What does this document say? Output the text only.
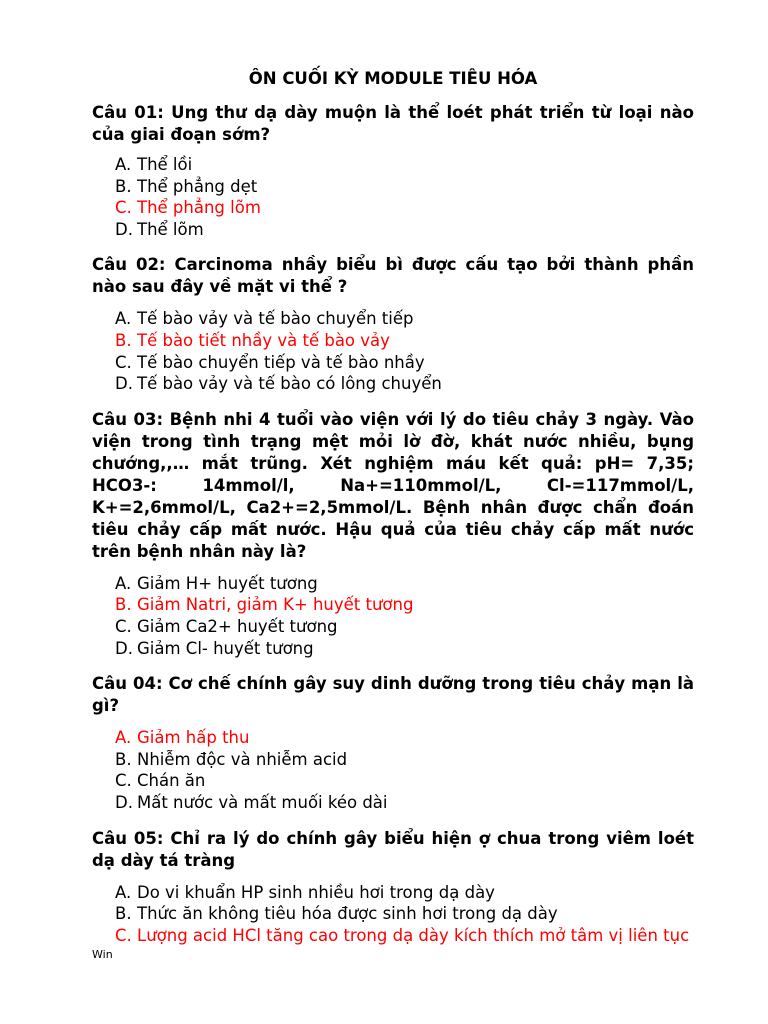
ÔN CUỐI KỲ MODULE TIÊU HÓA

Câu 01: Ung thư dạ dày muộn là thể loét phát triển từ loại nào của giai đoạn sớm?

A. Thể lồi
B. Thể phẳng dẹt
C. Thể phẳng lõm
D. Thể lõm

Câu 02: Carcinoma nhầy biểu bì được cấu tạo bởi thành phần nào sau đây về mặt vi thể ?

A. Tế bào vảy và tế bào chuyển tiếp
B. Tế bào tiết nhầy và tế bào vảy
C. Tế bào chuyển tiếp và tế bào nhầy
D. Tế bào vảy và tế bào có lông chuyển

Câu 03: Bệnh nhi 4 tuổi vào viện với lý do tiêu chảy 3 ngày. Vào viện trong tình trạng mệt mỏi lờ đờ, khát nước nhiều, bụng chướng,,… mắt trũng. Xét nghiệm máu kết quả: pH= 7,35; HCO3-: 14mmol/l, Na+=110mmol/L, Cl-=117mmol/L, K+=2,6mmol/L, Ca2+=2,5mmol/L. Bệnh nhân được chẩn đoán tiêu chảy cấp mất nước. Hậu quả của tiêu chảy cấp mất nước trên bệnh nhân này là?

A. Giảm H+ huyết tương
B. Giảm Natri, giảm K+ huyết tương
C. Giảm Ca2+ huyết tương
D. Giảm Cl- huyết tương

Câu 04: Cơ chế chính gây suy dinh dưỡng trong tiêu chảy mạn là gì?

A. Giảm hấp thu
B. Nhiễm độc và nhiễm acid
C. Chán ăn
D. Mất nước và mất muối kéo dài

Câu 05: Chỉ ra lý do chính gây biểu hiện ợ chua trong viêm loét dạ dày tá tràng

A. Do vi khuẩn HP sinh nhiều hơi trong dạ dày
B. Thức ăn không tiêu hóa được sinh hơi trong dạ dày
C. Lượng acid HCl tăng cao trong dạ dày kích thích mở tâm vị liên tục
Win
